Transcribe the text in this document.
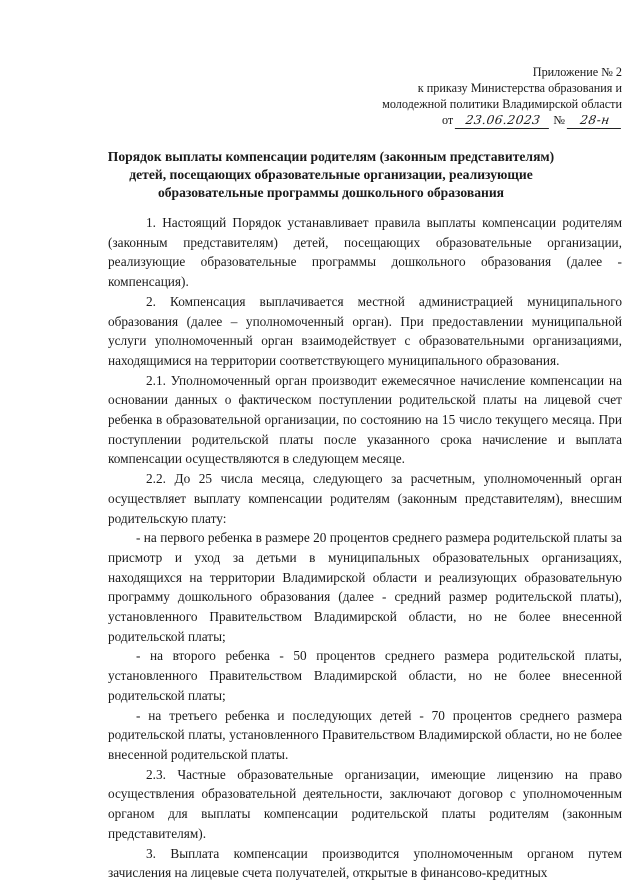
Приложение № 2
к приказу Министерства образования и
молодежной политики Владимирской области
от 23.06.2023 № 28-н
Порядок выплаты компенсации родителям (законным представителям)
детей, посещающих образовательные организации, реализующие
образовательные программы дошкольного образования

1. Настоящий Порядок устанавливает правила выплаты компенсации родителям (законным представителям) детей, посещающих образовательные организации, реализующие образовательные программы дошкольного образования (далее - компенсация).

2. Компенсация выплачивается местной администрацией муниципального образования (далее – уполномоченный орган). При предоставлении муниципальной услуги уполномоченный орган взаимодействует с образовательными организациями, находящимися на территории соответствующего муниципального образования.

2.1. Уполномоченный орган производит ежемесячное начисление компенсации на основании данных о фактическом поступлении родительской платы на лицевой счет ребенка в образовательной организации, по состоянию на 15 число текущего месяца. При поступлении родительской платы после указанного срока начисление и выплата компенсации осуществляются в следующем месяце.

2.2. До 25 числа месяца, следующего за расчетным, уполномоченный орган осуществляет выплату компенсации родителям (законным представителям), внесшим родительскую плату:

- на первого ребенка в размере 20 процентов среднего размера родительской платы за присмотр и уход за детьми в муниципальных образовательных организациях, находящихся на территории Владимирской области и реализующих образовательную программу дошкольного образования (далее - средний размер родительской платы), установленного Правительством Владимирской области, но не более внесенной родительской платы;

- на второго ребенка - 50 процентов среднего размера родительской платы, установленного Правительством Владимирской области, но не более внесенной родительской платы;

- на третьего ребенка и последующих детей - 70 процентов среднего размера родительской платы, установленного Правительством Владимирской области, но не более внесенной родительской платы.

2.3. Частные образовательные организации, имеющие лицензию на право осуществления образовательной деятельности, заключают договор с уполномоченным органом для выплаты компенсации родительской платы родителям (законным представителям).

3. Выплата компенсации производится уполномоченным органом путем зачисления на лицевые счета получателей, открытые в финансово-кредитных
